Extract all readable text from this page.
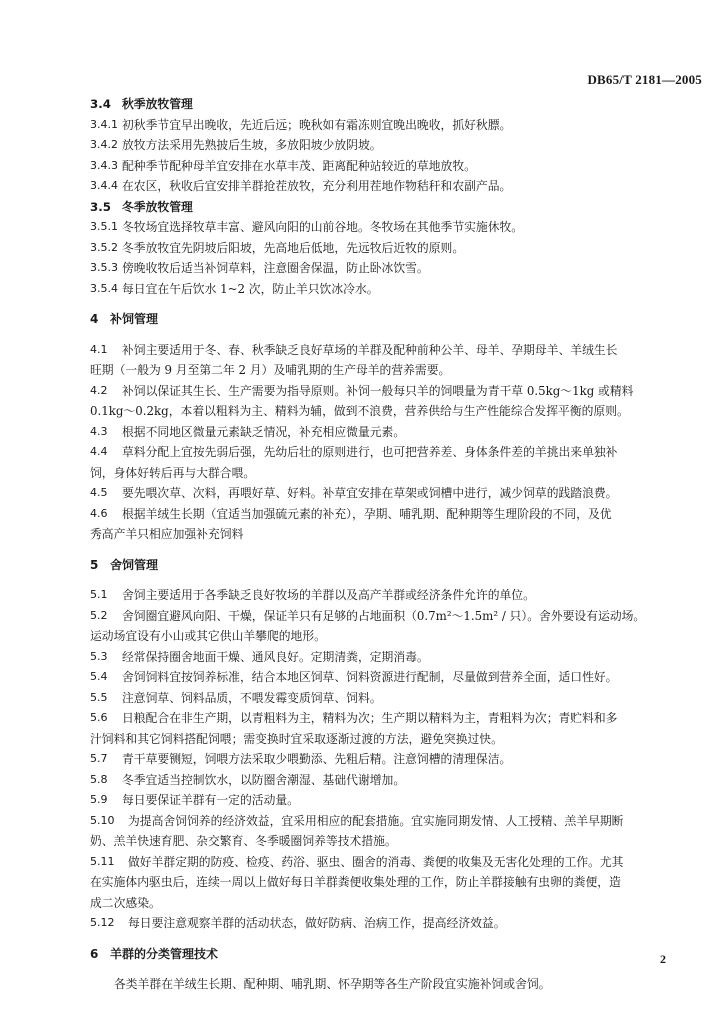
DB65/T 2181—2005
3.4 秋季放牧管理
3.4.1 初秋季节宜早出晚收，先近后远；晚秋如有霜冻则宜晚出晚收，抓好秋膘。
3.4.2 放牧方法采用先熟披后生坡，多放阳坡少放阴坡。
3.4.3 配种季节配种母羊宜安排在水草丰茂、距离配种站较近的草地放牧。
3.4.4 在农区，秋收后宜安排羊群抢茬放牧，充分利用茬地作物秸秆和农副产品。
3.5 冬季放牧管理
3.5.1 冬牧场宜选择牧草丰富、避风向阳的山前谷地。冬牧场在其他季节实施休牧。
3.5.2 冬季放牧宜先阴坡后阳坡，先高地后低地，先远牧后近牧的原则。
3.5.3 傍晚收牧后适当补饲草料，注意圈舍保温，防止卧冰饮雪。
3.5.4 每日宜在午后饮水 1~2 次，防止羊只饮冰冷水。
4 补饲管理
4.1	补饲主要适用于冬、春、秋季缺乏良好草场的羊群及配种前种公羊、母羊、孕期母羊、羊绒生长
旺期（一般为 9 月至第二年 2 月）及哺乳期的生产母羊的营养需要。
4.2	补饲以保证其生长、生产需要为指导原则。补饲一般每只羊的饲喂量为青干草 0.5kg～1kg 或精料
0.1kg～0.2kg，本着以粗料为主、精料为辅，做到不浪费，营养供给与生产性能综合发挥平衡的原则。
4.3	根据不同地区微量元素缺乏情况，补充相应微量元素。
4.4	草料分配上宜按先弱后强，先幼后壮的原则进行，也可把营养差、身体条件差的羊挑出来单独补
饲，身体好转后再与大群合喂。
4.5	要先喂次草、次料，再喂好草、好料。补草宜安排在草架或饲槽中进行，减少饲草的践踏浪费。
4.6	根据羊绒生长期（宜适当加强硫元素的补充），孕期、哺乳期、配种期等生理阶段的不同，及优
秀高产羊只相应加强补充饲料
5 舍饲管理
5.1	舍饲主要适用于各季缺乏良好牧场的羊群以及高产羊群或经济条件允许的单位。
5.2	舍饲圈宜避风向阳、干燥，保证羊只有足够的占地面积（0.7m²～1.5m² / 只）。舍外要设有运动场。
运动场宜设有小山或其它供山羊攀爬的地形。
5.3	经常保持圈舍地面干燥、通风良好。定期清粪，定期消毒。
5.4	舍饲饲料宜按饲养标准，结合本地区饲草、饲料资源进行配制，尽量做到营养全面，适口性好。
5.5	注意饲草、饲料品质，不喂发霉变质饲草、饲料。
5.6	日粮配合在非生产期，以青粗料为主，精料为次；生产期以精料为主，青粗料为次；青贮料和多
汁饲料和其它饲料搭配饲喂；需变换时宜采取逐渐过渡的方法，避免突换过快。
5.7	青干草要铡短，饲喂方法采取少喂勤添、先粗后精。注意饲槽的清理保洁。
5.8	冬季宜适当控制饮水，以防圈舍潮湿、基础代谢增加。
5.9	每日要保证羊群有一定的活动量。
5.10	为提高舍饲饲养的经济效益，宜采用相应的配套措施。宜实施同期发情、人工授精、羔羊早期断
奶、羔羊快速育肥、杂交繁育、冬季暖圈饲养等技术措施。
5.11	做好羊群定期的防疫、检疫、药浴、驱虫、圈舍的消毒、粪便的收集及无害化处理的工作。尤其
在实施体内驱虫后，连续一周以上做好每日羊群粪便收集处理的工作，防止羊群接触有虫卵的粪便，造
成二次感染。
5.12	每日要注意观察羊群的活动状态，做好防病、治病工作，提高经济效益。
6 羊群的分类管理技术
各类羊群在羊绒生长期、配种期、哺乳期、怀孕期等各生产阶段宜实施补饲或舍饲。
2
